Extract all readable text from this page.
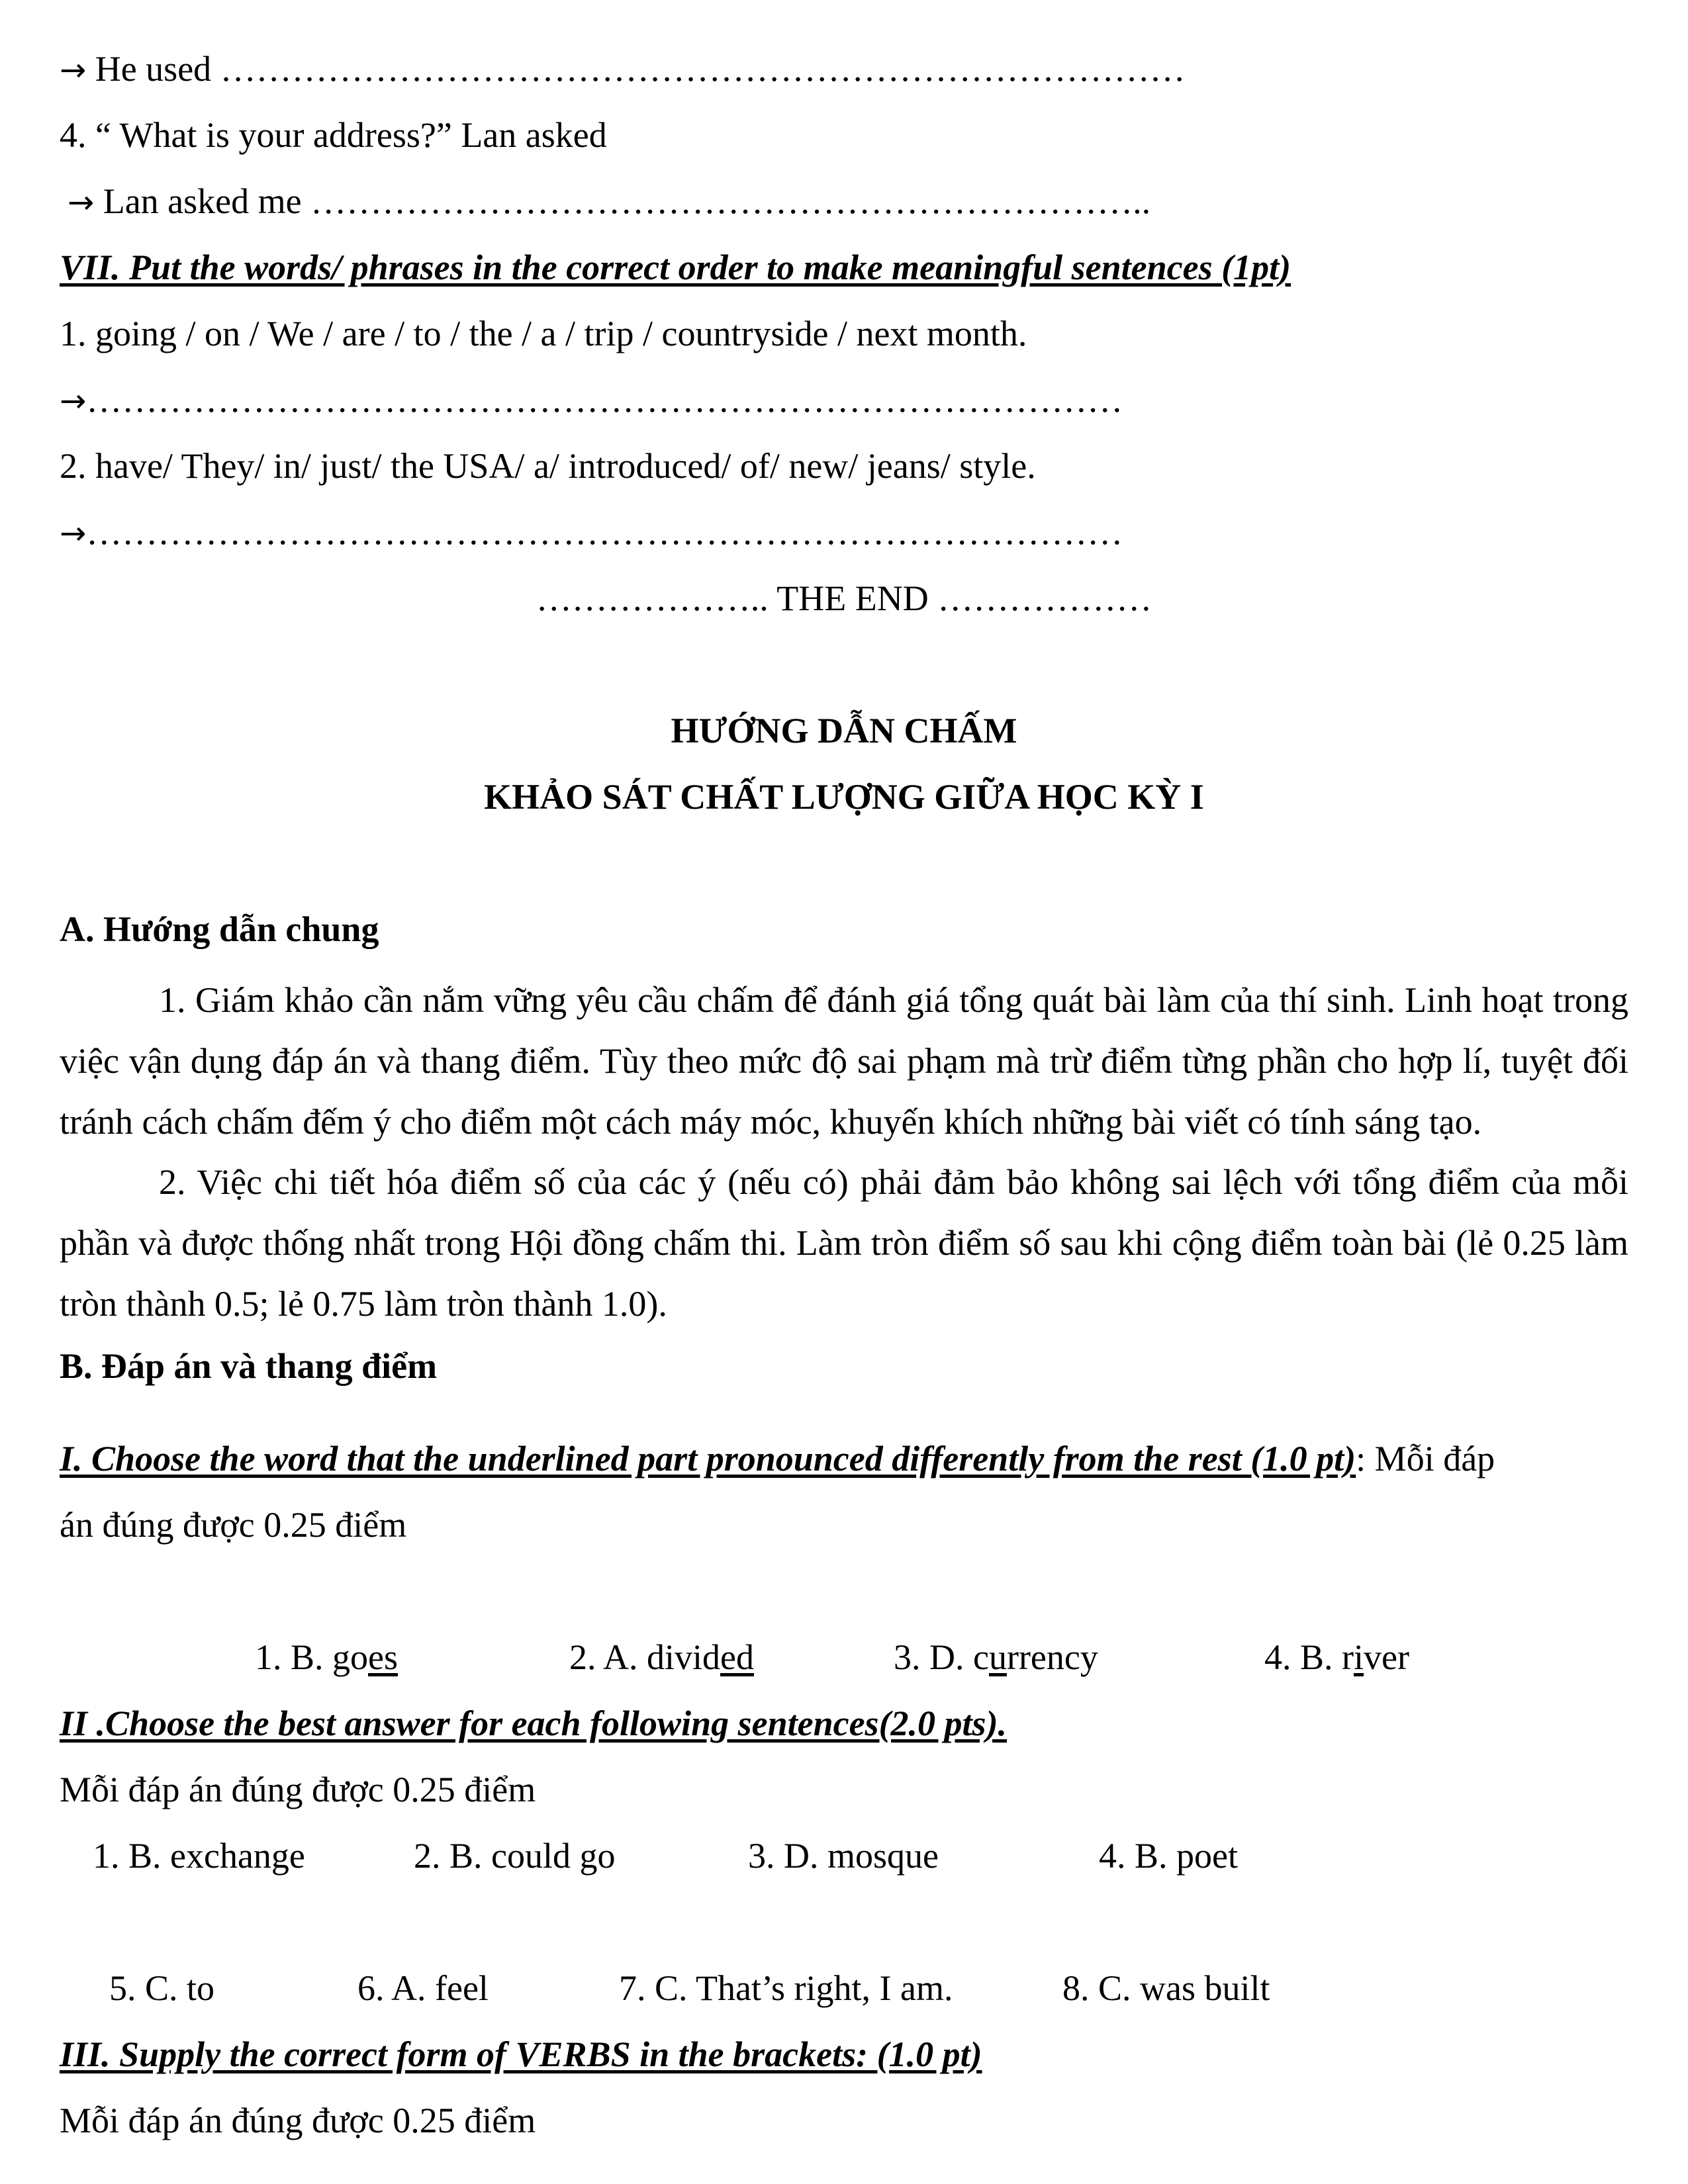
→ He used ………………………………………………………………………
4. “ What is your address?” Lan asked
→ Lan asked me ……………………………………………………………..
VII. Put the words/ phrases in the correct order to make meaningful sentences (1pt)
1. going / on / We / are / to / the / a / trip / countryside / next month.
→……………………………………………………………………………
2. have/ They/ in/ just/ the USA/ a/ introduced/ of/ new/ jeans/ style.
→……………………………………………………………………………
……………….. THE END ………………
HƯỚNG DẪN CHẤM
KHẢO SÁT CHẤT LƯỢNG GIỮA HỌC KỲ I
A. Hướng dẫn chung
1. Giám khảo cần nắm vững yêu cầu chấm để đánh giá tổng quát bài làm của thí sinh. Linh hoạt trong việc vận dụng đáp án và thang điểm. Tùy theo mức độ sai phạm mà trừ điểm từng phần cho hợp lí, tuyệt đối tránh cách chấm đếm ý cho điểm một cách máy móc, khuyến khích những bài viết có tính sáng tạo.
2. Việc chi tiết hóa điểm số của các ý (nếu có) phải đảm bảo không sai lệch với tổng điểm của mỗi phần và được thống nhất trong Hội đồng chấm thi. Làm tròn điểm số sau khi cộng điểm toàn bài (lẻ 0.25 làm tròn thành 0.5; lẻ 0.75 làm tròn thành 1.0).
B. Đáp án và thang điểm
I. Choose the word that the underlined part pronounced differently from the rest (1.0 pt): Mỗi đáp
án đúng được 0.25 điểm
1. B. goes	2. A. divided	3. D. currency	4. B. river
II .Choose the best answer for each following sentences(2.0 pts).
Mỗi đáp án đúng được 0.25 điểm
1. B. exchange	2. B. could go	3. D. mosque	4. B. poet
5. C. to	6. A. feel	7. C. That’s right, I am.	8. C. was built
III. Supply the correct form of VERBS in the brackets: (1.0 pt)
Mỗi đáp án đúng được 0.25 điểm
